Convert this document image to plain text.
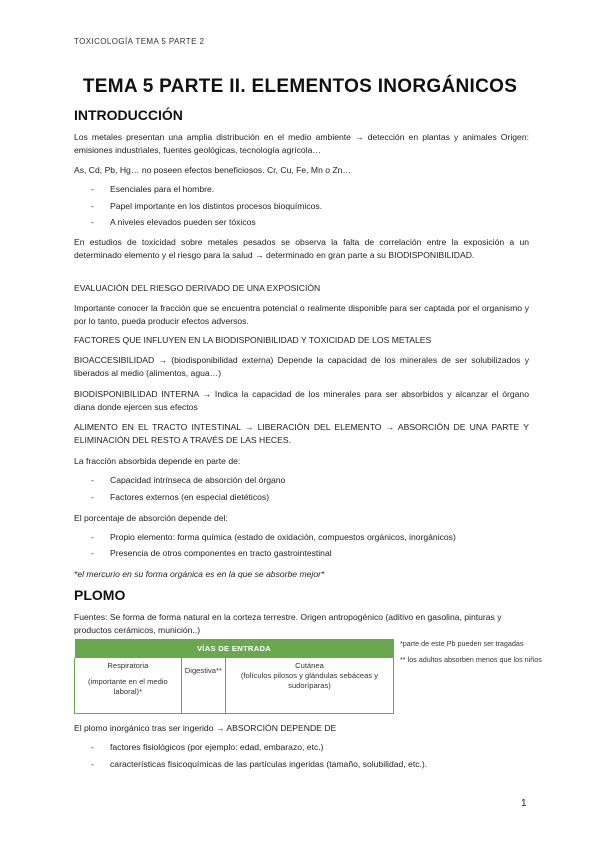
TOXICOLOGÍA TEMA 5 PARTE 2
TEMA 5 PARTE II. ELEMENTOS INORGÁNICOS
INTRODUCCIÓN
Los metales presentan una amplia distribución en el medio ambiente → detección en plantas y animales Origen: emisiones industriales, fuentes geológicas, tecnología agrícola…
As, Cd, Pb, Hg… no poseen efectos beneficiosos. Cr, Cu, Fe, Mn o Zn…
- Esenciales para el hombre.
- Papel importante en los distintos procesos bioquímicos.
- A niveles elevados pueden ser tóxicos
En estudios de toxicidad sobre metales pesados se observa la falta de correlación entre la exposición a un determinado elemento y el riesgo para la salud → determinado en gran parte a su BIODISPONIBILIDAD.
EVALUACIÓN DEL RIESGO DERIVADO DE UNA EXPOSICIÓN
Importante conocer la fracción que se encuentra potencial o realmente disponible para ser captada por el organismo y por lo tanto, pueda producir efectos adversos.
FACTORES QUE INFLUYEN EN LA BIODISPONIBILIDAD Y TOXICIDAD DE LOS METALES
BIOACCESIBILIDAD → (biodisponibilidad externa) Depende la capacidad de los minerales de ser solubilizados y liberados al medio (alimentos, agua…)
BIODISPONIBILIDAD INTERNA → Indica la capacidad de los minerales para ser absorbidos y alcanzar el órgano diana donde ejercen sus efectos
ALIMENTO EN EL TRACTO INTESTINAL → LIBERACIÓN DEL ELEMENTO → ABSORCIÓN DE UNA PARTE Y ELIMINACIÓN DEL RESTO A TRAVÉS DE LAS HECES.
La fracción absorbida depende en parte de:
- Capacidad intrínseca de absorción del órgano
- Factores externos (en especial dietéticos)
El porcentaje de absorción depende del:
- Propio elemento: forma química (estado de oxidación, compuestos orgánicos, inorgánicos)
- Presencia de otros componentes en tracto gastrointestinal
*el mercurio en su forma orgánica es en la que se absorbe mejor*
PLOMO
Fuentes: Se forma de forma natural en la corteza terrestre. Origen antropogénico (aditivo en gasolina, pinturas y productos cerámicos, munición..)
VÍAS DE ENTRADA

Respiratoria
(importante en el medio laboral)*

Digestiva**

Cutánea
(folículos pilosos y glándulas sebáceas y sudoríparas)
*parte de este Pb pueden ser tragadas
** los adultos absorben menos que los niños
El plomo inorgánico tras ser ingerido → ABSORCIÓN DEPENDE DE
- factores fisiológicos (por ejemplo: edad, embarazo, etc.)
- características fisicoquímicas de las partículas ingeridas (tamaño, solubilidad, etc.).
1
